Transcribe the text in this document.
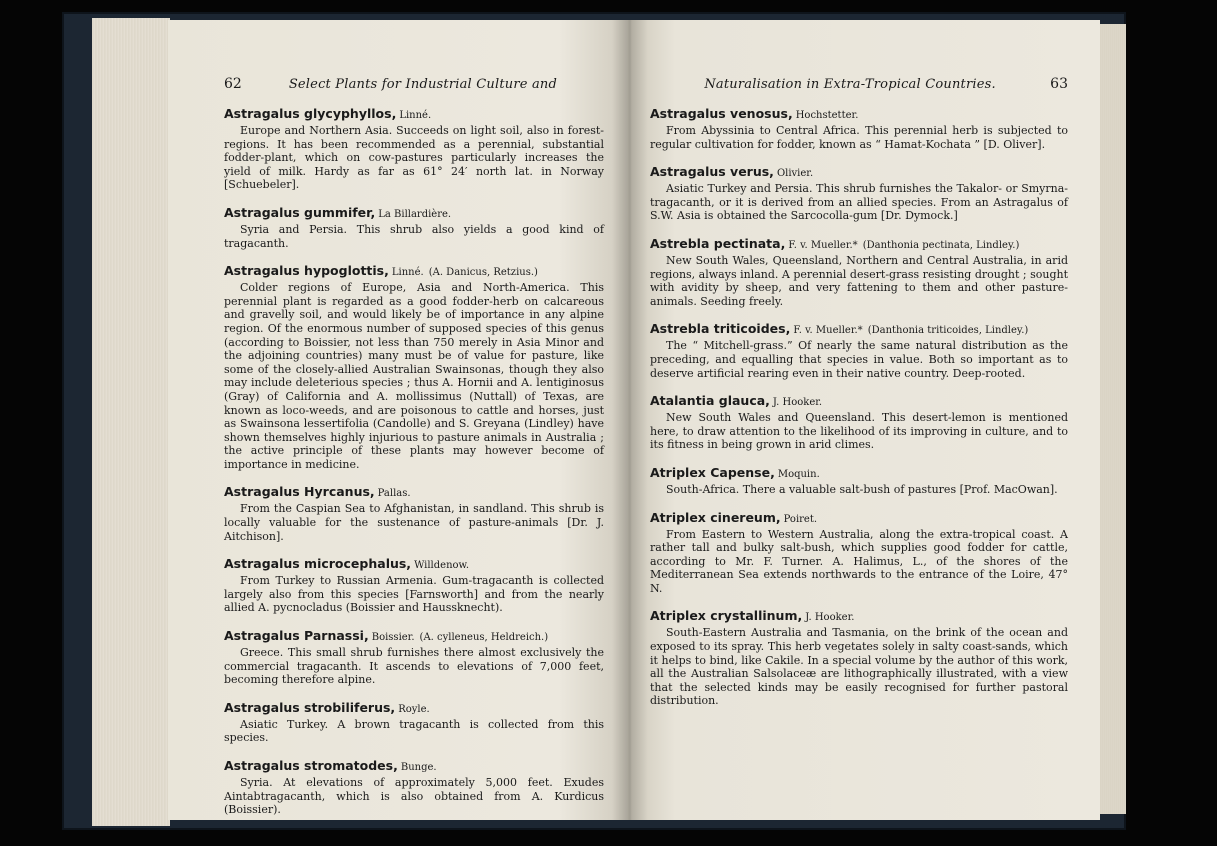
62	Select Plants for Industrial Culture and
Astragalus glycyphyllos, Linné.
Europe and Northern Asia. Succeeds on light soil, also in forest-regions. It has been recommended as a perennial, substantial fodder-plant, which on cow-pastures particularly increases the yield of milk. Hardy as far as 61° 24′ north lat. in Norway [Schuebeler].
Astragalus gummifer, La Billardière.
Syria and Persia. This shrub also yields a good kind of tragacanth.
Astragalus hypoglottis, Linné. (A. Danicus, Retzius.)
Colder regions of Europe, Asia and North-America. This perennial plant is regarded as a good fodder-herb on calcareous and gravelly soil, and would likely be of importance in any alpine region. Of the enormous number of supposed species of this genus (according to Boissier, not less than 750 merely in Asia Minor and the adjoining countries) many must be of value for pasture, like some of the closely-allied Australian Swainsonas, though they also may include deleterious species ; thus A. Hornii and A. lentiginosus (Gray) of California and A. mollissimus (Nuttall) of Texas, are known as loco-weeds, and are poisonous to cattle and horses, just as Swainsona lessertifolia (Candolle) and S. Greyana (Lindley) have shown themselves highly injurious to pasture animals in Australia ; the active principle of these plants may however become of importance in medicine.
Astragalus Hyrcanus, Pallas.
From the Caspian Sea to Afghanistan, in sandland. This shrub is locally valuable for the sustenance of pasture-animals [Dr. J. Aitchison].
Astragalus microcephalus, Willdenow.
From Turkey to Russian Armenia. Gum-tragacanth is collected largely also from this species [Farnsworth] and from the nearly allied A. pycnocladus (Boissier and Haussknecht).
Astragalus Parnassi, Boissier. (A. cylleneus, Heldreich.)
Greece. This small shrub furnishes there almost exclusively the commercial tragacanth. It ascends to elevations of 7,000 feet, becoming therefore alpine.
Astragalus strobiliferus, Royle.
Asiatic Turkey. A brown tragacanth is collected from this species.
Astragalus stromatodes, Bunge.
Syria. At elevations of approximately 5,000 feet. Exudes Aintabtragacanth, which is also obtained from A. Kurdicus (Boissier).
Naturalisation in Extra-Tropical Countries.	63
Astragalus venosus, Hochstetter.
From Abyssinia to Central Africa. This perennial herb is subjected to regular cultivation for fodder, known as “ Hamat-Kochata ” [D. Oliver].
Astragalus verus, Olivier.
Asiatic Turkey and Persia. This shrub furnishes the Takalor- or Smyrna-tragacanth, or it is derived from an allied species. From an Astragalus of S.W. Asia is obtained the Sarcocolla-gum [Dr. Dymock.]
Astrebla pectinata, F. v. Mueller.* (Danthonia pectinata, Lindley.)
New South Wales, Queensland, Northern and Central Australia, in arid regions, always inland. A perennial desert-grass resisting drought ; sought with avidity by sheep, and very fattening to them and other pasture-animals. Seeding freely.
Astrebla triticoides, F. v. Mueller.* (Danthonia triticoides, Lindley.)
The “ Mitchell-grass.” Of nearly the same natural distribution as the preceding, and equalling that species in value. Both so important as to deserve artificial rearing even in their native country. Deep-rooted.
Atalantia glauca, J. Hooker.
New South Wales and Queensland. This desert-lemon is mentioned here, to draw attention to the likelihood of its improving in culture, and to its fitness in being grown in arid climes.
Atriplex Capense, Moquin.
South-Africa. There a valuable salt-bush of pastures [Prof. MacOwan].
Atriplex cinereum, Poiret.
From Eastern to Western Australia, along the extra-tropical coast. A rather tall and bulky salt-bush, which supplies good fodder for cattle, according to Mr. F. Turner. A. Halimus, L., of the shores of the Mediterranean Sea extends northwards to the entrance of the Loire, 47° N.
Atriplex crystallinum, J. Hooker.
South-Eastern Australia and Tasmania, on the brink of the ocean and exposed to its spray. This herb vegetates solely in salty coast-sands, which it helps to bind, like Cakile. In a special volume by the author of this work, all the Australian Salsolaceæ are lithographically illustrated, with a view that the selected kinds may be easily recognised for further pastoral distribution.
